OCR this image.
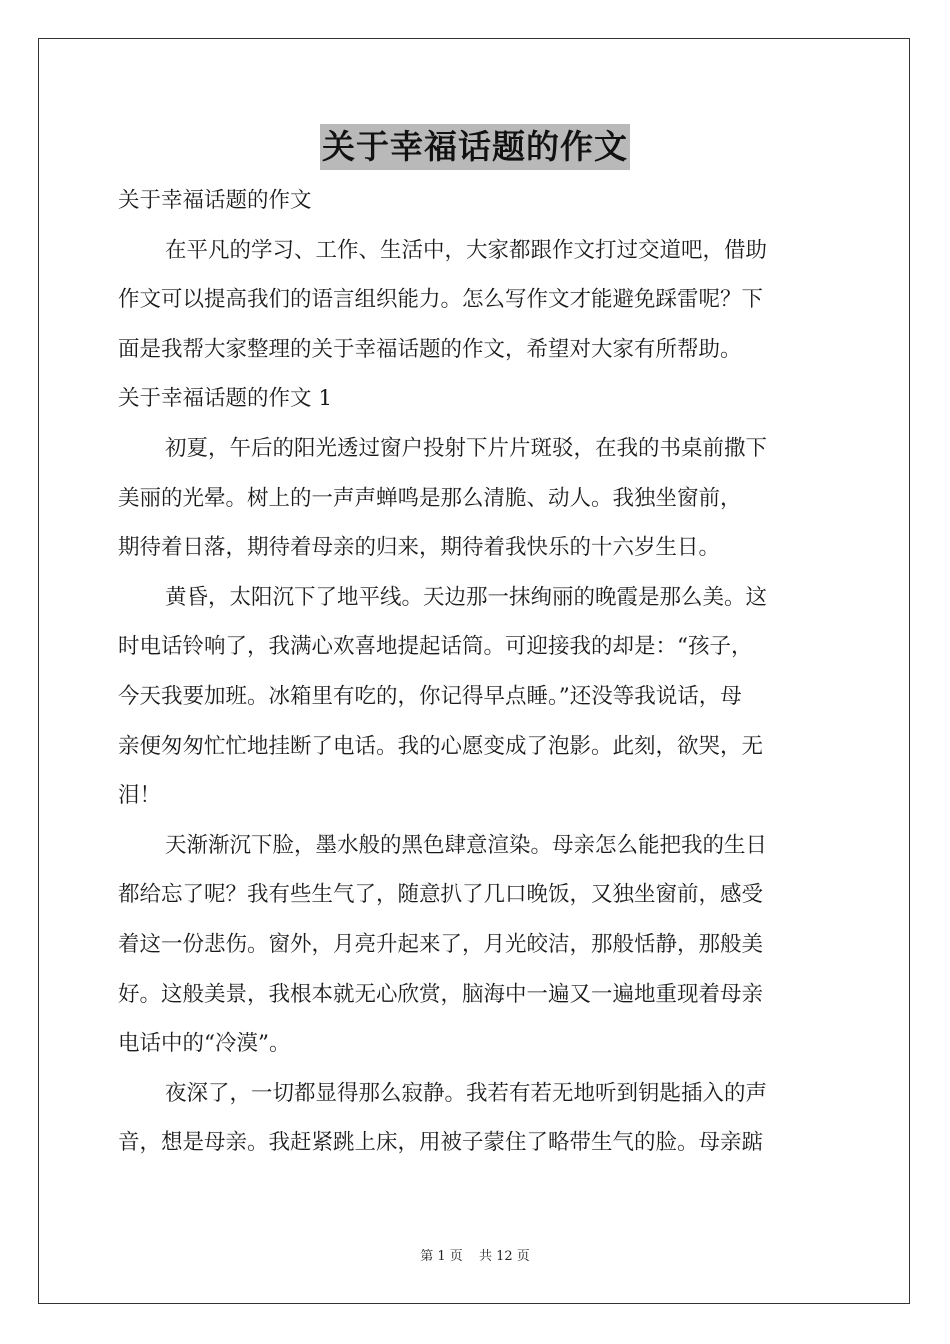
关于幸福话题的作文
关于幸福话题的作文
在平凡的学习、工作、生活中，大家都跟作文打过交道吧，借助
作文可以提高我们的语言组织能力。怎么写作文才能避免踩雷呢？下
面是我帮大家整理的关于幸福话题的作文，希望对大家有所帮助。
关于幸福话题的作文 1
初夏，午后的阳光透过窗户投射下片片斑驳，在我的书桌前撒下
美丽的光晕。树上的一声声蝉鸣是那么清脆、动人。我独坐窗前，
期待着日落，期待着母亲的归来，期待着我快乐的十六岁生日。
黄昏，太阳沉下了地平线。天边那一抹绚丽的晚霞是那么美。这
时电话铃响了，我满心欢喜地提起话筒。可迎接我的却是：“孩子，
今天我要加班。冰箱里有吃的，你记得早点睡。”还没等我说话，母
亲便匆匆忙忙地挂断了电话。我的心愿变成了泡影。此刻，欲哭，无
泪！
天渐渐沉下脸，墨水般的黑色肆意渲染。母亲怎么能把我的生日
都给忘了呢？我有些生气了，随意扒了几口晚饭，又独坐窗前，感受
着这一份悲伤。窗外，月亮升起来了，月光皎洁，那般恬静，那般美
好。这般美景，我根本就无心欣赏，脑海中一遍又一遍地重现着母亲
电话中的“冷漠”。
夜深了，一切都显得那么寂静。我若有若无地听到钥匙插入的声
音，想是母亲。我赶紧跳上床，用被子蒙住了略带生气的脸。母亲踮
第 1 页 共 12 页
